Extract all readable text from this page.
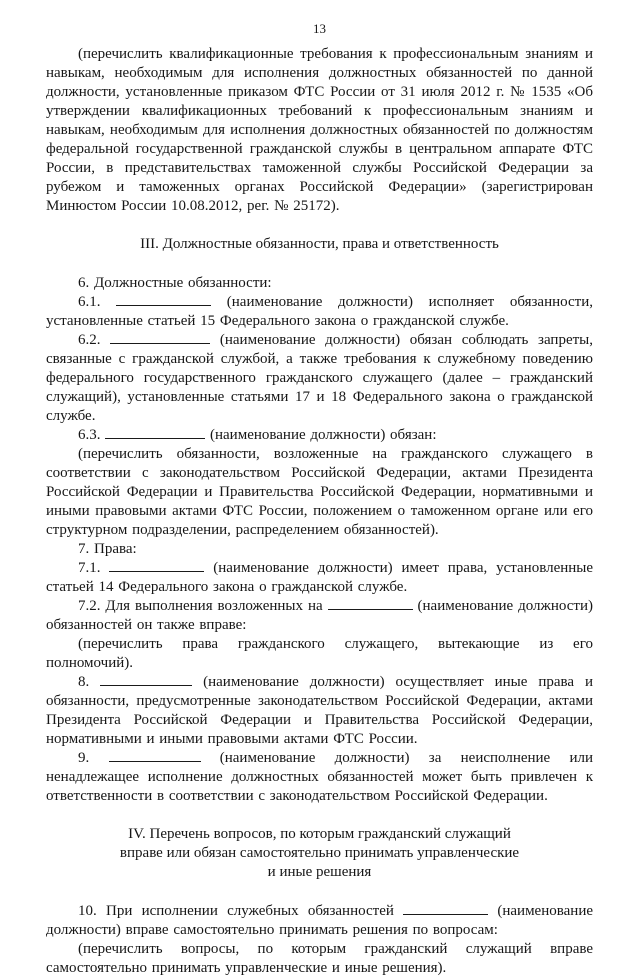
13

(перечислить квалификационные требования к профессиональным знаниям и навыкам, необходимым для исполнения должностных обязанностей по данной должности, установленные приказом ФТС России от 31 июля 2012 г. № 1535 «Об утверждении квалификационных требований к профессиональным знаниям и навыкам, необходимым для исполнения должностных обязанностей по должностям федеральной государственной гражданской службы в центральном аппарате ФТС России, в представительствах таможенной службы Российской Федерации за рубежом и таможенных органах Российской Федерации» (зарегистрирован Минюстом России 10.08.2012, рег. № 25172).

III. Должностные обязанности, права и ответственность

6. Должностные обязанности:

6.1.	(наименование должности) исполняет обязанности, установленные статьей 15 Федерального закона о гражданской службе.

6.2.	(наименование должности) обязан соблюдать запреты, связанные с гражданской службой, а также требования к служебному поведению федерального государственного гражданского служащего (далее – гражданский служащий), установленные статьями 17 и 18 Федерального закона о гражданской службе.

6.3.	(наименование должности) обязан:

(перечислить обязанности, возложенные на гражданского служащего в соответствии с законодательством Российской Федерации, актами Президента Российской Федерации и Правительства Российской Федерации, нормативными и иными правовыми актами ФТС России, положением о таможенном органе или его структурном подразделении, распределением обязанностей).

7. Права:

7.1.	(наименование должности) имеет права, установленные статьей 14 Федерального закона о гражданской службе.

7.2. Для выполнения возложенных на	(наименование должности) обязанностей он также вправе:

(перечислить права гражданского служащего, вытекающие из его полномочий).

8.	(наименование должности) осуществляет иные права и обязанности, предусмотренные законодательством Российской Федерации, актами Президента Российской Федерации и Правительства Российской Федерации, нормативными и иными правовыми актами ФТС России.

9.	(наименование должности) за неисполнение или ненадлежащее исполнение должностных обязанностей может быть привлечен к ответственности в соответствии с законодательством Российской Федерации.

IV. Перечень вопросов, по которым гражданский служащий
вправе или обязан самостоятельно принимать управленческие
и иные решения

10. При исполнении служебных обязанностей	(наименование должности) вправе самостоятельно принимать решения по вопросам:

(перечислить вопросы, по которым гражданский служащий вправе самостоятельно принимать управленческие и иные решения).
